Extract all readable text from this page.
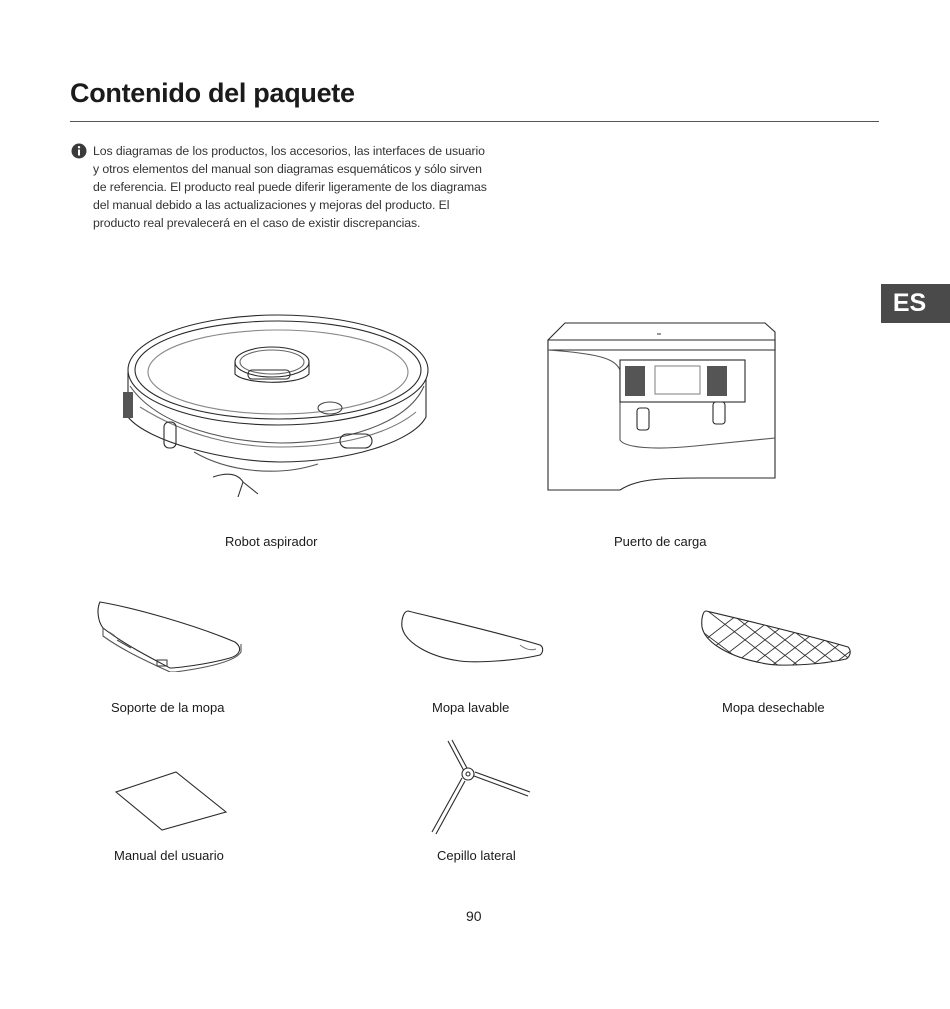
Contenido del paquete
Los diagramas de los productos, los accesorios, las interfaces de usuario y otros elementos del manual son diagramas esquemáticos y sólo sirven de referencia. El producto real puede diferir ligeramente de los diagramas del manual debido a las actualizaciones y mejoras del producto. El producto real prevalecerá en el caso de existir discrepancias.
ES
Robot aspirador	Puerto de carga
Soporte de la mopa	Mopa lavable	Mopa desechable
Manual del usuario	Cepillo lateral
90
